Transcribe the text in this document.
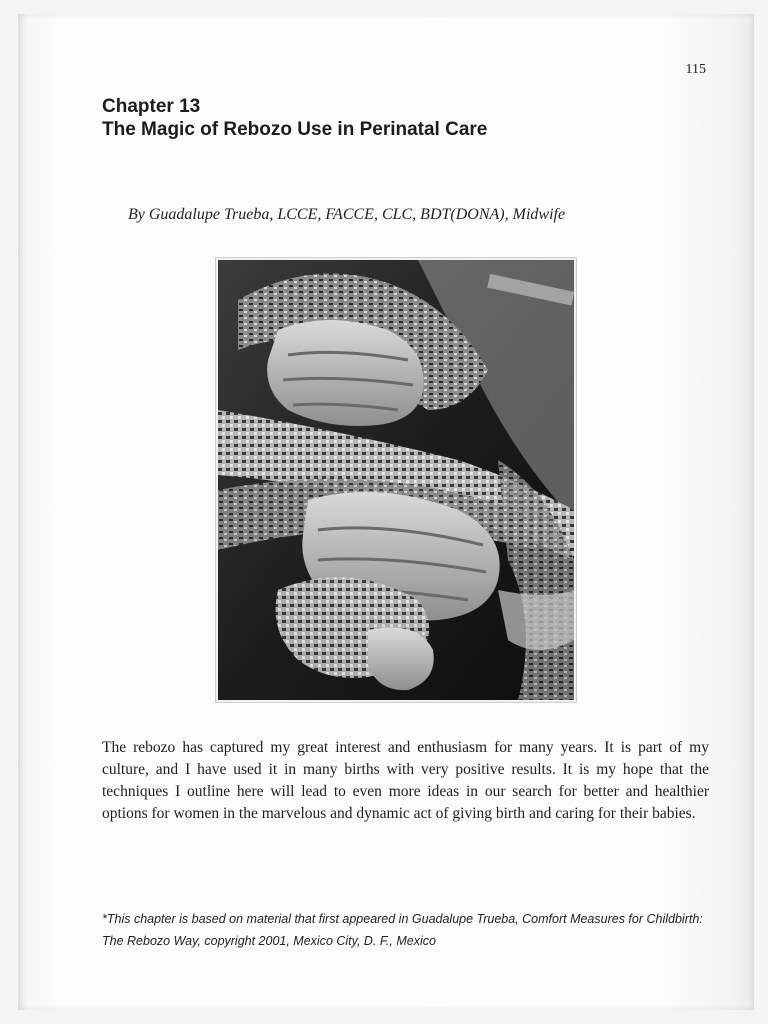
115
Chapter 13
The Magic of Rebozo Use in Perinatal Care
By Guadalupe Trueba, LCCE, FACCE, CLC, BDT(DONA), Midwife
The rebozo has captured my great interest and enthusiasm for many years. It is part of my culture, and I have used it in many births with very positive results. It is my hope that the techniques I outline here will lead to even more ideas in our search for better and healthier options for women in the marvelous and dynamic act of giving birth and caring for their babies.
*This chapter is based on material that first appeared in Guadalupe Trueba, Comfort Measures for Childbirth: The Rebozo Way, copyright 2001, Mexico City, D. F., Mexico
